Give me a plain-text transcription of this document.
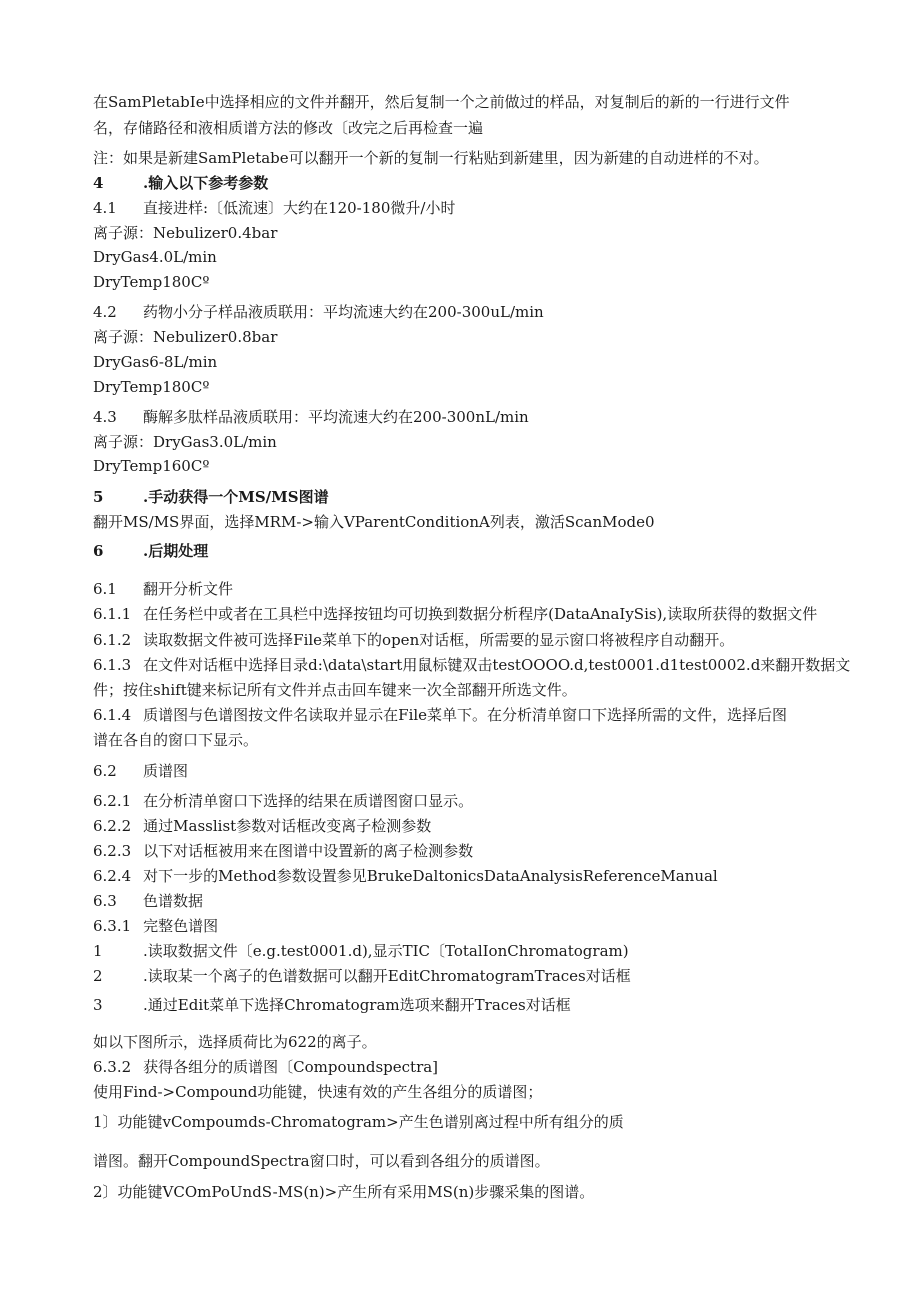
在SamPletabIe中选择相应的文件并翻开，然后复制一个之前做过的样品，对复制后的新的一行进行文件
名，存储路径和液相质谱方法的修改〔改完之后再检查一遍
注：如果是新建SamPletabe可以翻开一个新的复制一行粘贴到新建里，因为新建的自动进样的不对。
4	.输入以下参考参数
4.1 直接进样:〔低流速〕大约在120-180微升/小时
离子源：Nebulizer0.4bar
DryGas4.0L/min
DryTemp180Cº
4.2 药物小分子样品液质联用：平均流速大约在200-300uL/min
离子源：Nebulizer0.8bar
DryGas6-8L/min
DryTemp180Cº
4.3 酶解多肽样品液质联用：平均流速大约在200-300nL/min
离子源：DryGas3.0L/min
DryTemp160Cº
5	.手动获得一个MS/MS图谱
翻开MS/MS界面，选择MRM->输入VParentConditionA列表，激活ScanMode0
6	.后期处理
6.1 翻开分析文件
6.1.1 在任务栏中或者在工具栏中选择按钮均可切换到数据分析程序(DataAnaIySis),读取所获得的数据文件
6.1.2 读取数据文件被可选择File菜单下的open对话框，所需要的显示窗口将被程序自动翻开。
6.1.3 在文件对话框中选择目录d:\data\start用鼠标键双击testOOOO.d,test0001.d1test0002.d来翻开数据文
件；按住shift键来标记所有文件并点击回车键来一次全部翻开所选文件。
6.1.4 质谱图与色谱图按文件名读取并显示在File菜单下。在分析清单窗口下选择所需的文件，选择后图
谱在各自的窗口下显示。
6.2 质谱图
6.2.1 在分析清单窗口下选择的结果在质谱图窗口显示。
6.2.2 通过Masslist参数对话框改变离子检测参数
6.2.3 以下对话框被用来在图谱中设置新的离子检测参数
6.2.4 对下一步的Method参数设置参见BrukeDaltonicsDataAnalysisReferenceManual
6.3 色谱数据
6.3.1 完整色谱图
1	.读取数据文件〔e.g.test0001.d),显示TIC〔TotalIonChromatogram)
2	.读取某一个离子的色谱数据可以翻开EditChromatogramTraces对话框
3	.通过Edit菜单下选择Chromatogram选项来翻开Traces对话框
如以下图所示，选择质荷比为622的离子。
6.3.2 获得各组分的质谱图〔Compoundspectra]
使用Find->Compound功能键，快速有效的产生各组分的质谱图；
1〕功能键vCompoumds-Chromatogram>产生色谱别离过程中所有组分的质
谱图。翻开CompoundSpectra窗口时，可以看到各组分的质谱图。
2〕功能键VCOmPoUndS-MS(n)>产生所有采用MS(n)步骤采集的图谱。
